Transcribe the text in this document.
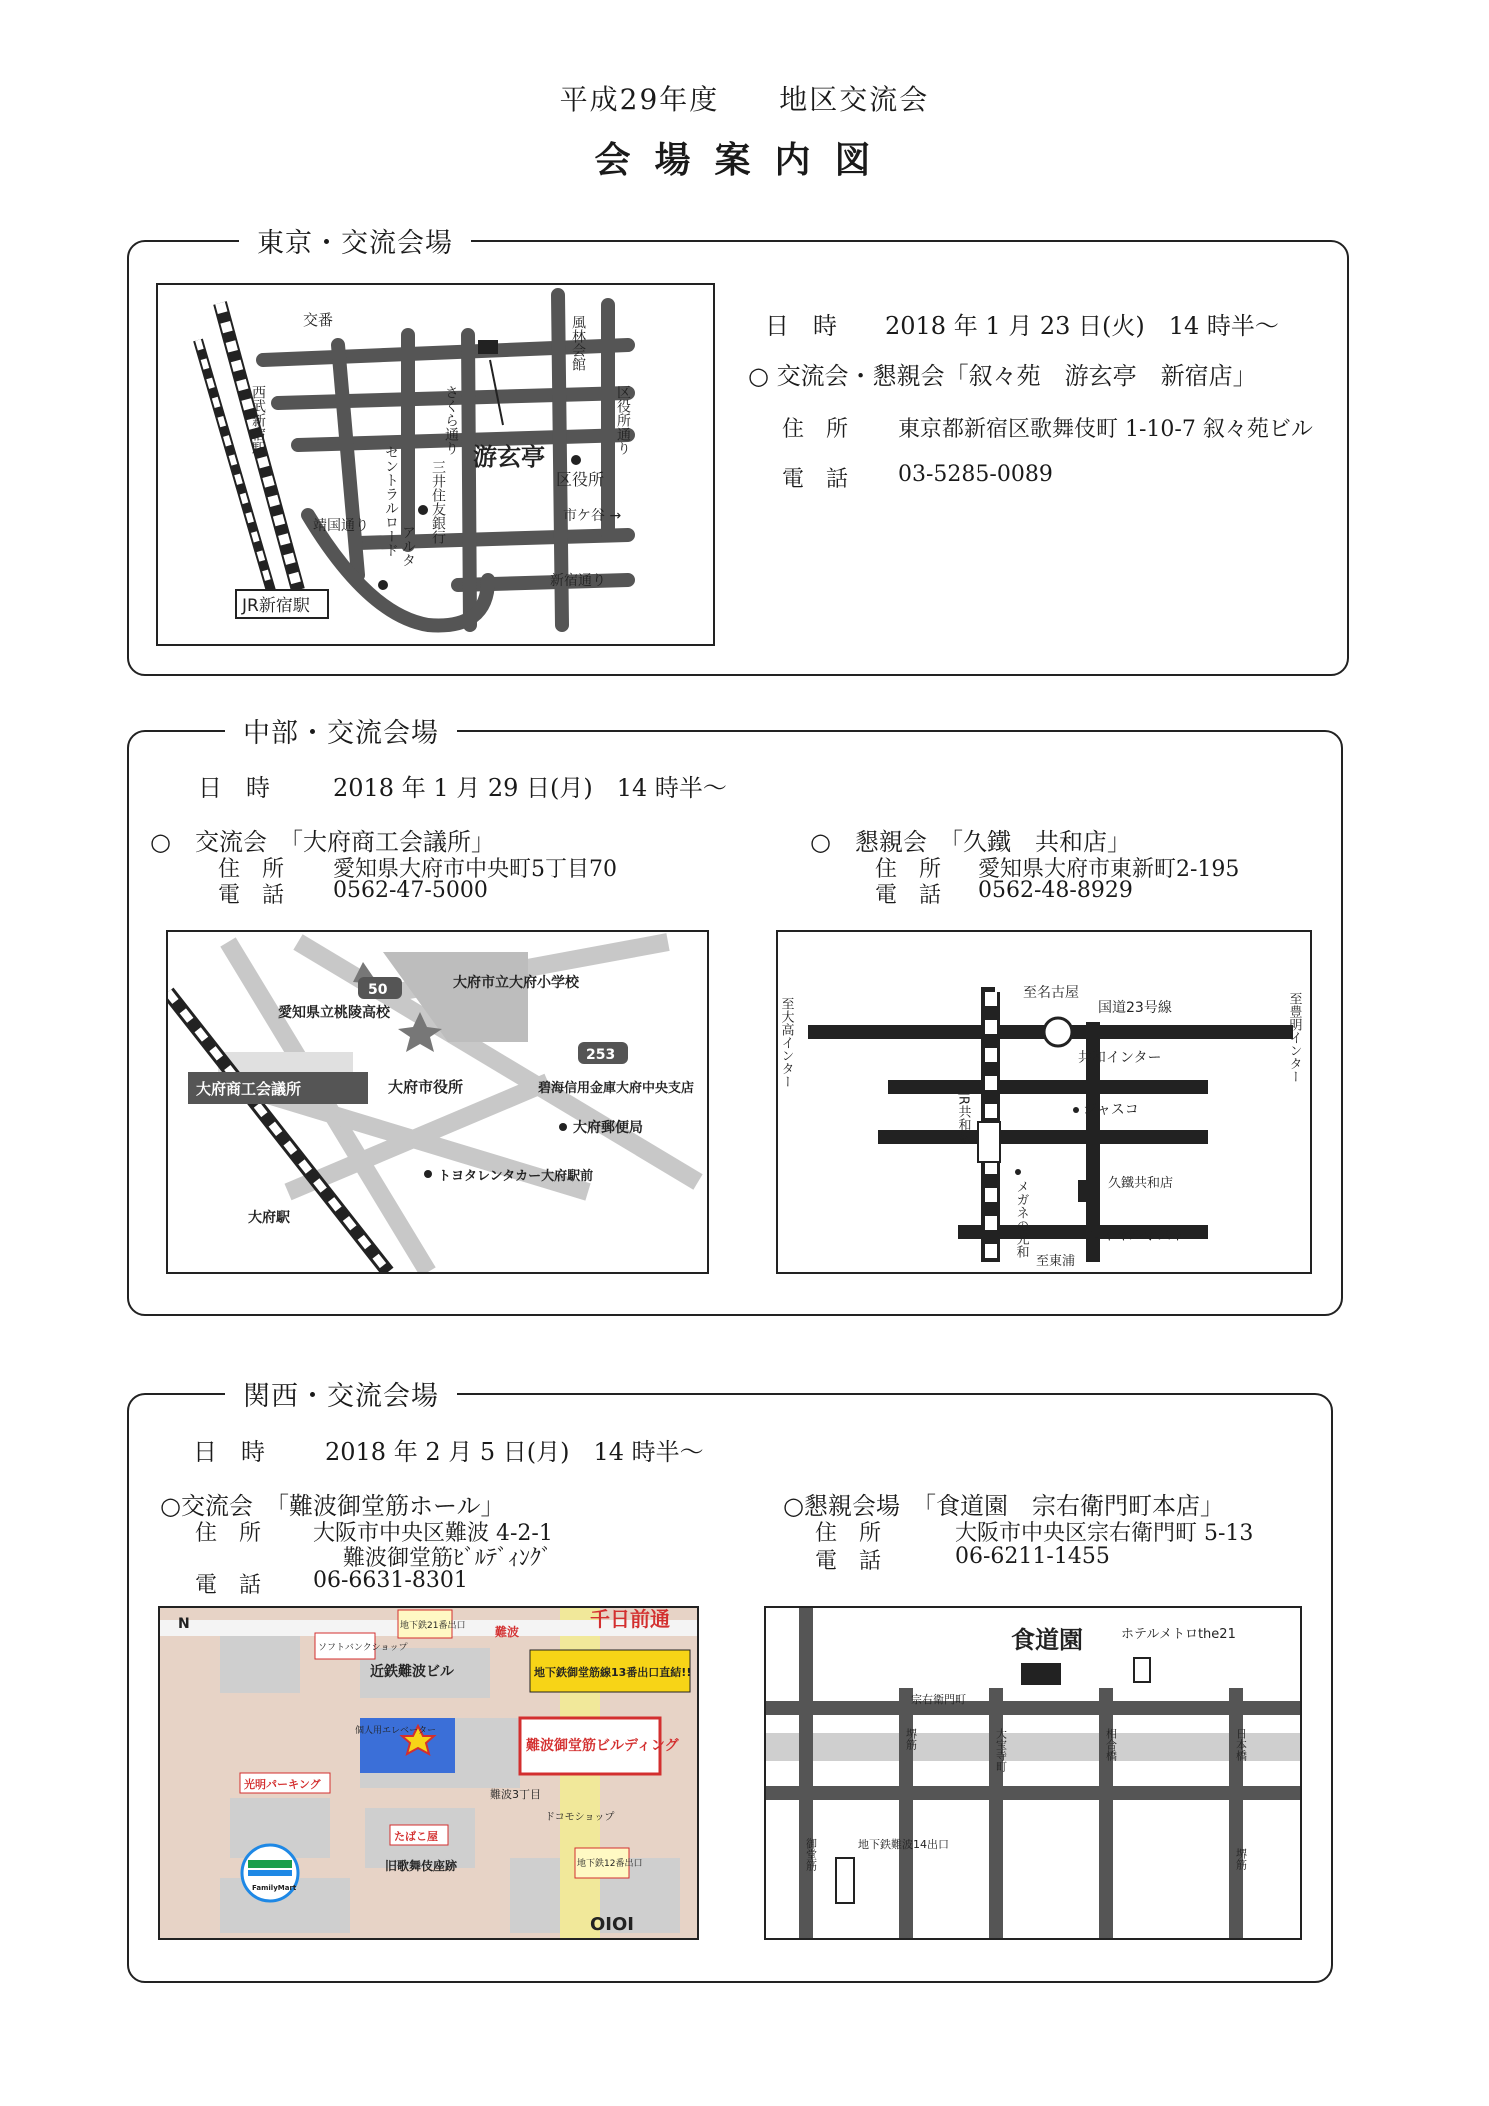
平成29年度　　地区交流会
会場案内図
東京・交流会場
交番	風林会館
西武新宿駅	さくら通り
游玄亭
区役所通り
セントラルロード 三井住友銀行	区役所
靖国通り
市ケ谷 →
アルタ
新宿通り
JR新宿駅
日　時 2018 年 1 月 23 日(火)　14 時半～
○ 交流会・懇親会「叙々苑　游玄亭　新宿店」
住　所 東京都新宿区歌舞伎町 1-10-7 叙々苑ビル
電　話 03-5285-0089
中部・交流会場
日　時	2018 年 1 月 29 日(月)　14 時半～
○　交流会　「大府商工会議所」
住　所 愛知県大府市中央町5丁目70
電　話 0562-47-5000
○　懇親会　「久鐵　共和店」
住　所 愛知県大府市東新町2-195
電　話 0562-48-8929
大府商工会議所
50
253
大府市立大府小学校
愛知県立桃陵高校
大府市役所	碧海信用金庫大府中央支店
大府郵便局
トヨタレンタカー大府駅前
大府駅
至名古屋
国道23号線
至大高インター	至豊明インター
共和インター
ジャスコ
JR共和駅
メガネの光和	久鐵共和店
ロイヤルホスト
至東浦
関西・交流会場
日　時	2018 年 2 月 5 日(月)　14 時半～
○交流会　「難波御堂筋ホール」
住　所 大阪市中央区難波 4-2-1
難波御堂筋ﾋﾞﾙﾃﾞｨﾝｸﾞ
電　話 06-6631-8301
○懇親会場　「食道園　宗右衛門町本店」
住　所	大阪市中央区宗右衛門町 5-13
電　話	06-6211-1455
N	千日前通
難波
ソフトバンクショップ
地下鉄21番出口
近鉄難波ビル	地下鉄御堂筋線13番出口直結!!
個人用エレベーター
難波御堂筋ビルディング
光明パーキング
難波3丁目
ドコモショップ
たばこ屋
地下鉄12番出口
旧歌舞伎座跡
FamilyMart
OIOI
食道園	ホテルメトロthe21
宗右衛門町
堺筋	大宝寺町	相合橋	日本橋
御堂筋	地下鉄難波14出口
堺筋
